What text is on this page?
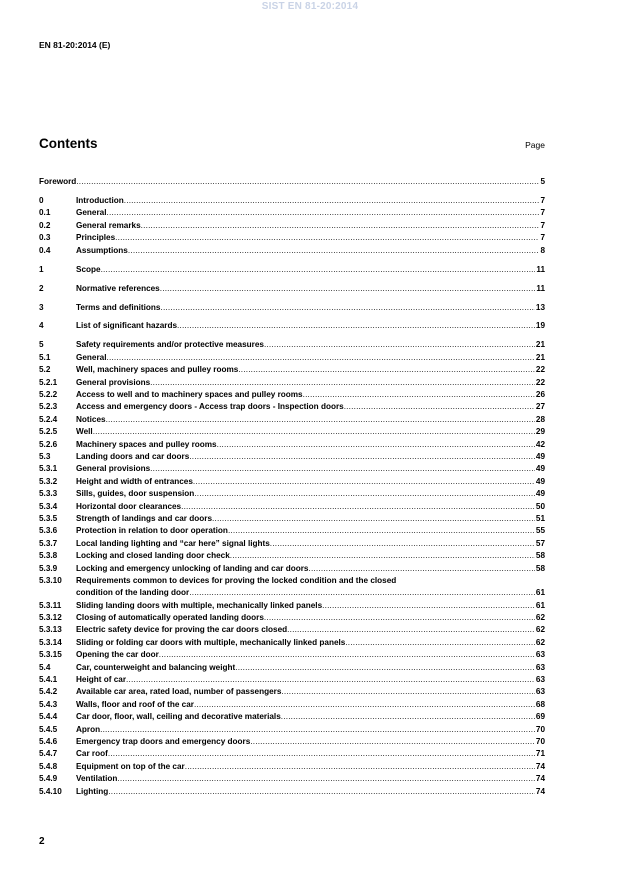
SIST EN 81-20:2014
EN 81-20:2014 (E)
Contents	Page
Foreword .....	5
0	Introduction .....	7
0.1	General .....	7
0.2	General remarks .....	7
0.3	Principles .....	7
0.4	Assumptions .....	8
1	Scope .....	11
2	Normative references .....	11
3	Terms and definitions .....	13
4	List of significant hazards .....	19
5	Safety requirements and/or protective measures .....	21
5.1	General .....	21
5.2	Well, machinery spaces and pulley rooms .....	22
5.2.1	General provisions .....	22
5.2.2	Access to well and to machinery spaces and pulley rooms .....	26
5.2.3	Access and emergency doors - Access trap doors - Inspection doors .....	27
5.2.4	Notices .....	28
5.2.5	Well .....	29
5.2.6	Machinery spaces and pulley rooms .....	42
5.3	Landing doors and car doors .....	49
5.3.1	General provisions .....	49
5.3.2	Height and width of entrances .....	49
5.3.3	Sills, guides, door suspension .....	49
5.3.4	Horizontal door clearances .....	50
5.3.5	Strength of landings and car doors .....	51
5.3.6	Protection in relation to door operation .....	55
5.3.7	Local landing lighting and “car here” signal lights .....	57
5.3.8	Locking and closed landing door check .....	58
5.3.9	Locking and emergency unlocking of landing and car doors .....	58
5.3.10	Requirements common to devices for proving the locked condition and the closed
condition of the landing door .....	61
5.3.11	Sliding landing doors with multiple, mechanically linked panels .....	61
5.3.12	Closing of automatically operated landing doors .....	62
5.3.13	Electric safety device for proving the car doors closed .....	62
5.3.14	Sliding or folding car doors with multiple, mechanically linked panels .....	62
5.3.15	Opening the car door .....	63
5.4	Car, counterweight and balancing weight .....	63
5.4.1	Height of car .....	63
5.4.2	Available car area, rated load, number of passengers .....	63
5.4.3	Walls, floor and roof of the car .....	68
5.4.4	Car door, floor, wall, ceiling and decorative materials .....	69
5.4.5	Apron .....	70
5.4.6	Emergency trap doors and emergency doors .....	70
5.4.7	Car roof .....	71
5.4.8	Equipment on top of the car .....	74
5.4.9	Ventilation .....	74
5.4.10	Lighting .....	74
2
